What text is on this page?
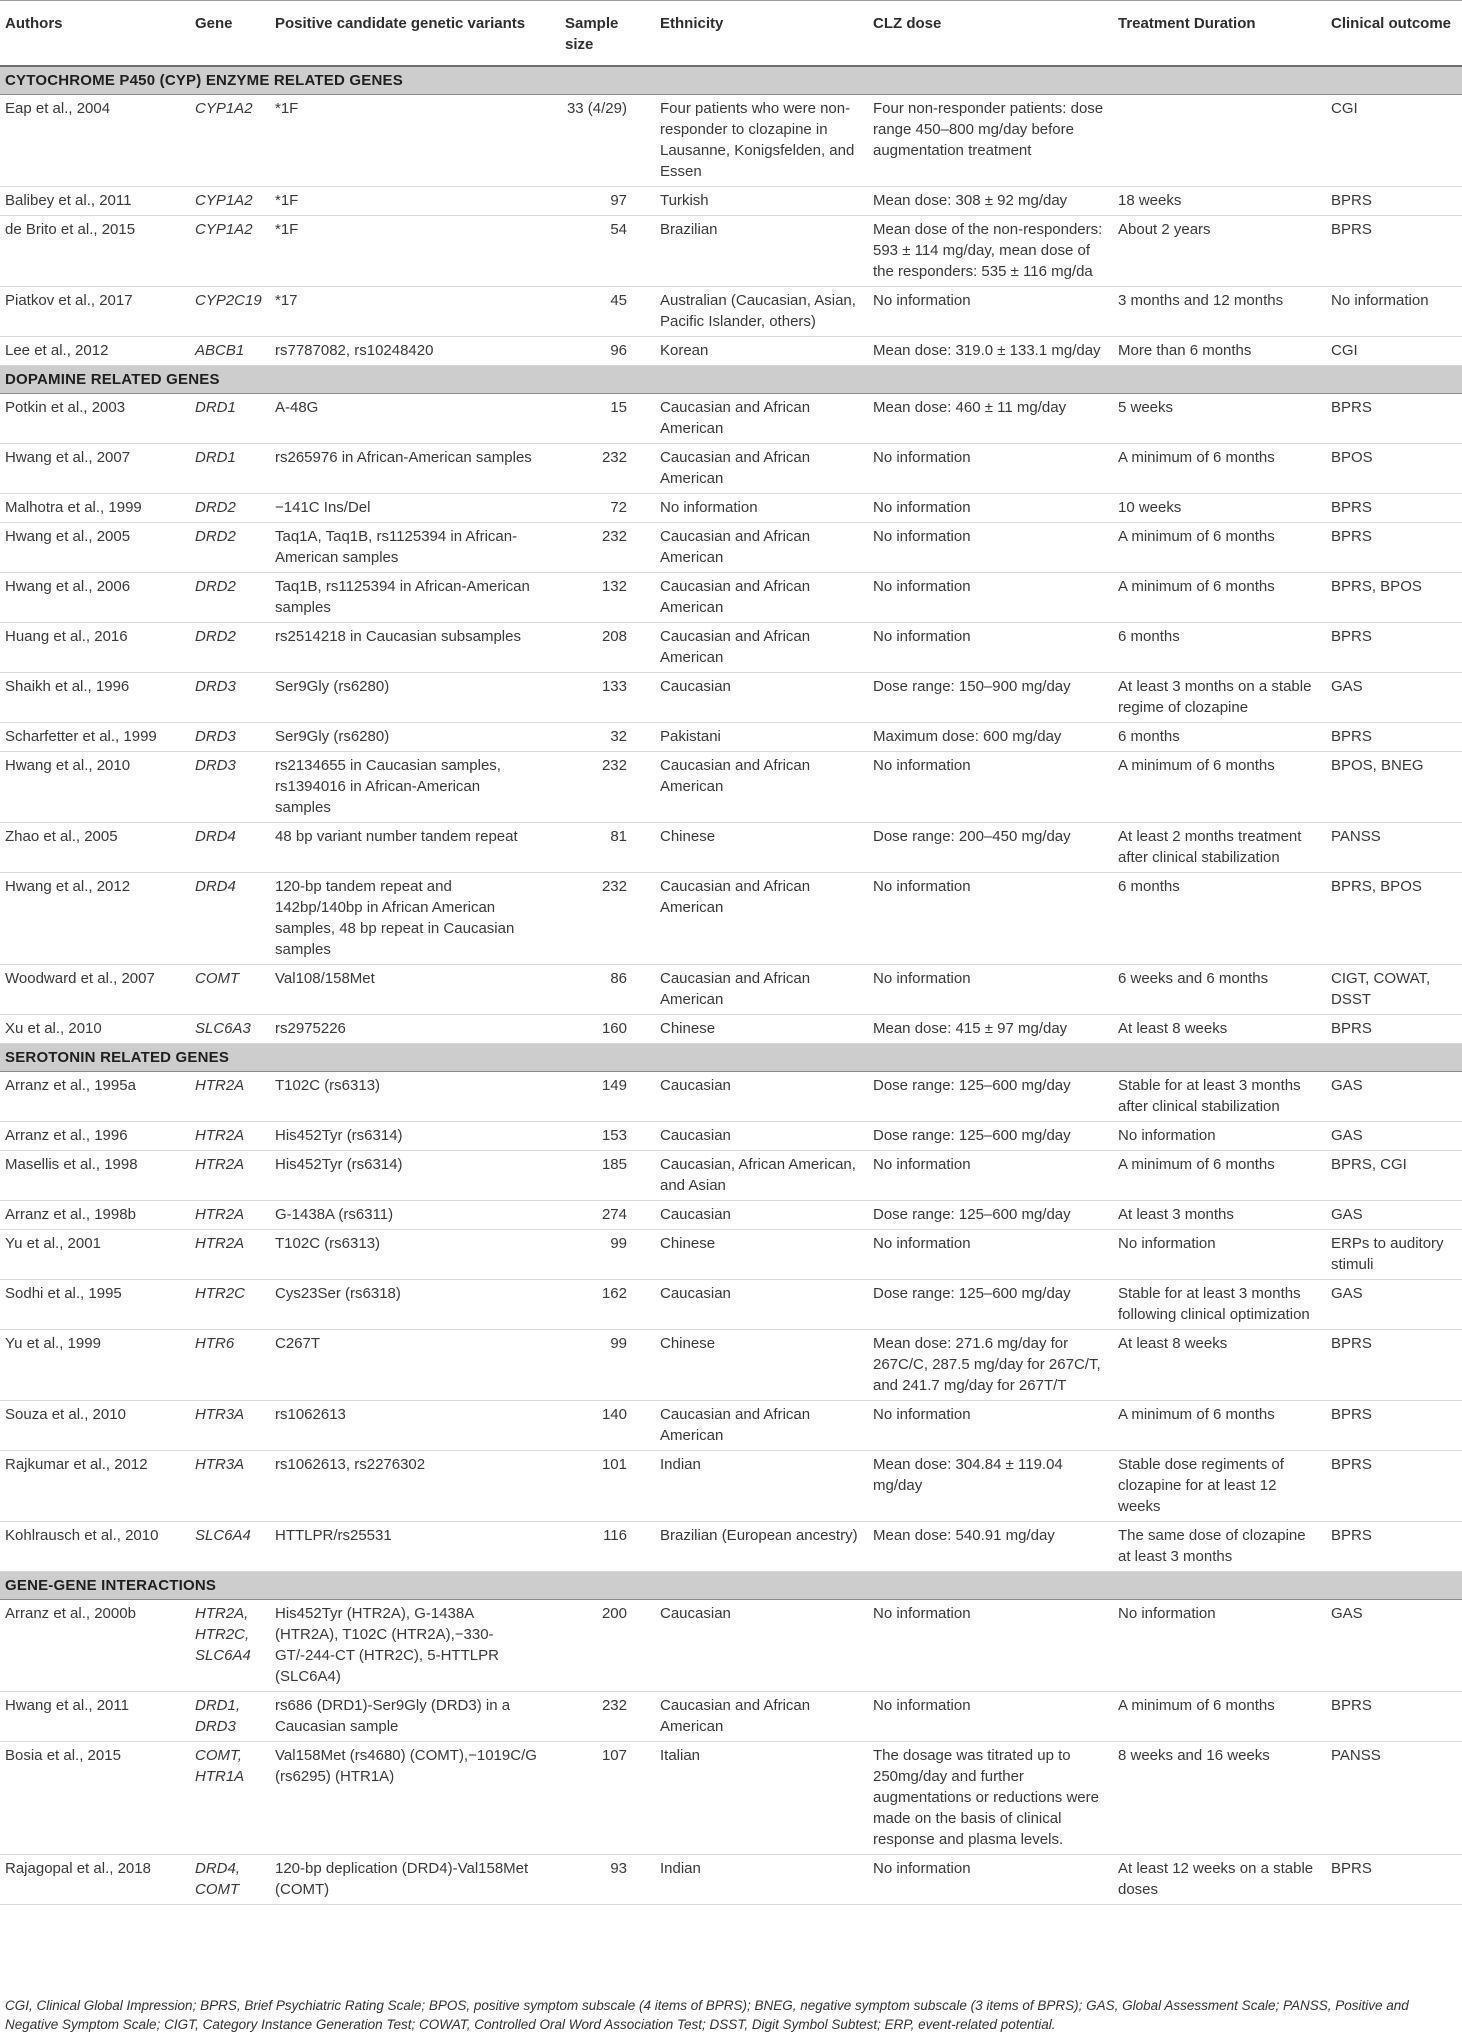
Authors	Gene	Positive candidate genetic variants	Sample size	Ethnicity	CLZ dose	Treatment Duration	Clinical outcome
CYTOCHROME P450 (CYP) ENZYME RELATED GENES							
Eap et al., 2004	CYP1A2	*1F	33 (4/29)	Four patients who were non-responder to clozapine in Lausanne, Konigsfelden, and Essen	Four non-responder patients: dose range 450–800 mg/day before augmentation treatment		CGI
Balibey et al., 2011	CYP1A2	*1F	97	Turkish	Mean dose: 308 ± 92 mg/day	18 weeks	BPRS
de Brito et al., 2015	CYP1A2	*1F	54	Brazilian	Mean dose of the non-responders: 593 ± 114 mg/day, mean dose of the responders: 535 ± 116 mg/da	About 2 years	BPRS
Piatkov et al., 2017	CYP2C19	*17	45	Australian (Caucasian, Asian, Pacific Islander, others)	No information	3 months and 12 months	No information
Lee et al., 2012	ABCB1	rs7787082, rs10248420	96	Korean	Mean dose: 319.0 ± 133.1 mg/day	More than 6 months	CGI
DOPAMINE RELATED GENES							
Potkin et al., 2003	DRD1	A-48G	15	Caucasian and African American	Mean dose: 460 ± 11 mg/day	5 weeks	BPRS
Hwang et al., 2007	DRD1	rs265976 in African-American samples	232	Caucasian and African American	No information	A minimum of 6 months	BPOS
Malhotra et al., 1999	DRD2	−141C Ins/Del	72	No information	No information	10 weeks	BPRS
Hwang et al., 2005	DRD2	Taq1A, Taq1B, rs1125394 in African-American samples	232	Caucasian and African American	No information	A minimum of 6 months	BPRS
Hwang et al., 2006	DRD2	Taq1B, rs1125394 in African-American samples	132	Caucasian and African American	No information	A minimum of 6 months	BPRS, BPOS
Huang et al., 2016	DRD2	rs2514218 in Caucasian subsamples	208	Caucasian and African American	No information	6 months	BPRS
Shaikh et al., 1996	DRD3	Ser9Gly (rs6280)	133	Caucasian	Dose range: 150–900 mg/day	At least 3 months on a stable regime of clozapine	GAS
Scharfetter et al., 1999	DRD3	Ser9Gly (rs6280)	32	Pakistani	Maximum dose: 600 mg/day	6 months	BPRS
Hwang et al., 2010	DRD3	rs2134655 in Caucasian samples, rs1394016 in African-American samples	232	Caucasian and African American	No information	A minimum of 6 months	BPOS, BNEG
Zhao et al., 2005	DRD4	48 bp variant number tandem repeat	81	Chinese	Dose range: 200–450 mg/day	At least 2 months treatment after clinical stabilization	PANSS
Hwang et al., 2012	DRD4	120-bp tandem repeat and 142bp/140bp in African American samples, 48 bp repeat in Caucasian samples	232	Caucasian and African American	No information	6 months	BPRS, BPOS
Woodward et al., 2007	COMT	Val108/158Met	86	Caucasian and African American	No information	6 weeks and 6 months	CIGT, COWAT, DSST
Xu et al., 2010	SLC6A3	rs2975226	160	Chinese	Mean dose: 415 ± 97 mg/day	At least 8 weeks	BPRS
SEROTONIN RELATED GENES							
Arranz et al., 1995a	HTR2A	T102C (rs6313)	149	Caucasian	Dose range: 125–600 mg/day	Stable for at least 3 months after clinical stabilization	GAS
Arranz et al., 1996	HTR2A	His452Tyr (rs6314)	153	Caucasian	Dose range: 125–600 mg/day	No information	GAS
Masellis et al., 1998	HTR2A	His452Tyr (rs6314)	185	Caucasian, African American, and Asian	No information	A minimum of 6 months	BPRS, CGI
Arranz et al., 1998b	HTR2A	G-1438A (rs6311)	274	Caucasian	Dose range: 125–600 mg/day	At least 3 months	GAS
Yu et al., 2001	HTR2A	T102C (rs6313)	99	Chinese	No information	No information	ERPs to auditory stimuli
Sodhi et al., 1995	HTR2C	Cys23Ser (rs6318)	162	Caucasian	Dose range: 125–600 mg/day	Stable for at least 3 months following clinical optimization	GAS
Yu et al., 1999	HTR6	C267T	99	Chinese	Mean dose: 271.6 mg/day for 267C/C, 287.5 mg/day for 267C/T, and 241.7 mg/day for 267T/T	At least 8 weeks	BPRS
Souza et al., 2010	HTR3A	rs1062613	140	Caucasian and African American	No information	A minimum of 6 months	BPRS
Rajkumar et al., 2012	HTR3A	rs1062613, rs2276302	101	Indian	Mean dose: 304.84 ± 119.04 mg/day	Stable dose regiments of clozapine for at least 12 weeks	BPRS
Kohlrausch et al., 2010	SLC6A4	HTTLPR/rs25531	116	Brazilian (European ancestry)	Mean dose: 540.91 mg/day	The same dose of clozapine at least 3 months	BPRS
GENE-GENE INTERACTIONS							
Arranz et al., 2000b	HTR2A, HTR2C, SLC6A4	His452Tyr (HTR2A), G-1438A (HTR2A), T102C (HTR2A),−330-GT/-244-CT (HTR2C), 5-HTTLPR (SLC6A4)	200	Caucasian	No information	No information	GAS
Hwang et al., 2011	DRD1, DRD3	rs686 (DRD1)-Ser9Gly (DRD3) in a Caucasian sample	232	Caucasian and African American	No information	A minimum of 6 months	BPRS
Bosia et al., 2015	COMT, HTR1A	Val158Met (rs4680) (COMT),−1019C/G (rs6295) (HTR1A)	107	Italian	The dosage was titrated up to 250mg/day and further augmentations or reductions were made on the basis of clinical response and plasma levels.	8 weeks and 16 weeks	PANSS
Rajagopal et al., 2018	DRD4, COMT	120-bp deplication (DRD4)-Val158Met (COMT)	93	Indian	No information	At least 12 weeks on a stable doses	BPRS
CGI, Clinical Global Impression; BPRS, Brief Psychiatric Rating Scale; BPOS, positive symptom subscale (4 items of BPRS); BNEG, negative symptom subscale (3 items of BPRS); GAS, Global Assessment Scale; PANSS, Positive and Negative Symptom Scale; CIGT, Category Instance Generation Test; COWAT, Controlled Oral Word Association Test; DSST, Digit Symbol Subtest; ERP, event-related potential.
